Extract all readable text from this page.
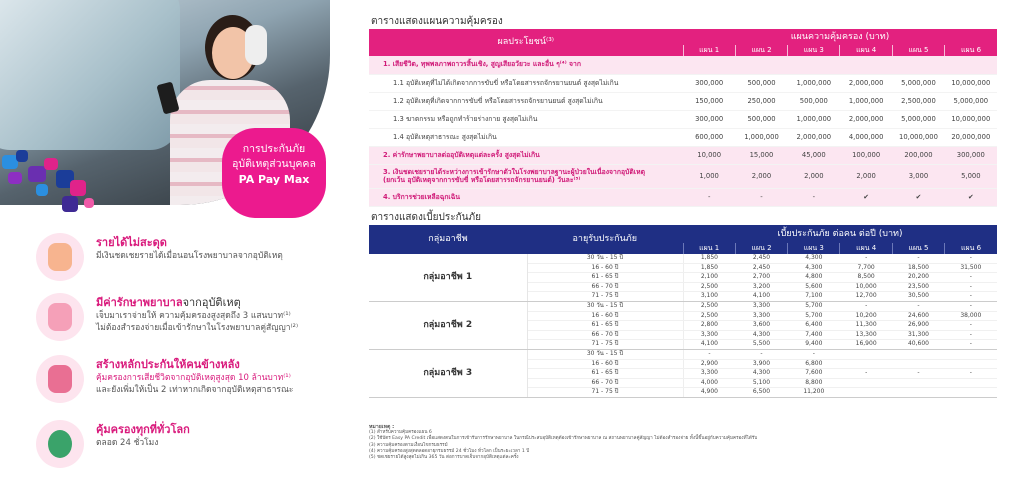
การประกันภัย
อุบัติเหตุส่วนบุคคล
PA Pay Max
รายได้ไม่สะดุด
มีเงินชดเชยรายได้เมื่อนอนโรงพยาบาลจากอุบัติเหตุ
มีค่ารักษาพยาบาลจากอุบัติเหตุ
เจ็บมาเราจ่ายให้ ความคุ้มครองสูงสุดถึง 3 แสนบาท⁽¹⁾
ไม่ต้องสำรองจ่ายเมื่อเข้ารักษาในโรงพยาบาลคู่สัญญา⁽²⁾
สร้างหลักประกันให้คนข้างหลัง
คุ้มครองการเสียชีวิตจากอุบัติเหตุสูงสุด 10 ล้านบาท⁽¹⁾
และยังเพิ่มให้เป็น 2 เท่าหากเกิดจากอุบัติเหตุสาธารณะ
คุ้มครองทุกที่ทั่วโลก
ตลอด 24 ชั่วโมง
ตารางแสดงแผนความคุ้มครอง
ผลประโยชน์⁽³⁾	แผนความคุ้มครอง (บาท)					
	แผน 1	แผน 2	แผน 3	แผน 4	แผน 5	แผน 6

1. เสียชีวิต, ทุพพลภาพถาวรสิ้นเชิง, สูญเสียอวัยวะ และอื่น ๆ⁽⁴⁾ จาก						

1.1 อุบัติเหตุที่ไม่ได้เกิดจากการขับขี่ หรือโดยสารรถจักรยานยนต์ สูงสุดไม่เกิน	300,000	500,000	1,000,000	2,000,000	5,000,000	10,000,000

1.2 อุบัติเหตุที่เกิดจากการขับขี่ หรือโดยสารรถจักรยานยนต์ สูงสุดไม่เกิน	150,000	250,000	500,000	1,000,000	2,500,000	5,000,000

1.3 ฆาตกรรม หรือถูกทำร้ายร่างกาย สูงสุดไม่เกิน	300,000	500,000	1,000,000	2,000,000	5,000,000	10,000,000

1.4 อุบัติเหตุสาธารณะ สูงสุดไม่เกิน	600,000	1,000,000	2,000,000	4,000,000	10,000,000	20,000,000

2. ค่ารักษาพยาบาลต่ออุบัติเหตุแต่ละครั้ง สูงสุดไม่เกิน	10,000	15,000	45,000	100,000	200,000	300,000

3. เงินชดเชยรายได้ระหว่างการเข้ารักษาตัวในโรงพยาบาลฐานะผู้ป่วยในเนื่องจากอุบัติเหตุ
(ยกเว้น อุบัติเหตุจากการขับขี่ หรือโดยสารรถจักรยานยนต์) วันละ⁽⁵⁾	1,000	2,000	2,000	2,000	3,000	5,000

4. บริการช่วยเหลือฉุกเฉิน	-	-	-	✔	✔	✔
ตารางแสดงเบี้ยประกันภัย
กลุ่มอาชีพ	อายุรับประกันภัย	เบี้ยประกันภัย ต่อคน ต่อปี (บาท)					
		แผน 1	แผน 2	แผน 3	แผน 4	แผน 5	แผน 6
กลุ่มอาชีพ 1	30 วัน - 15 ปี	1,850	2,450	4,300	-	-	-
	16 - 60 ปี	1,850	2,450	4,300	7,700	18,500	31,500
	61 - 65 ปี	2,100	2,700	4,800	8,500	20,200	-
	66 - 70 ปี	2,500	3,200	5,600	10,000	23,500	-
	71 - 75 ปี	3,100	4,100	7,100	12,700	30,500	-
กลุ่มอาชีพ 2	30 วัน - 15 ปี	2,500	3,300	5,700	-	-	-
	16 - 60 ปี	2,500	3,300	5,700	10,200	24,600	38,000
	61 - 65 ปี	2,800	3,600	6,400	11,300	26,900	-
	66 - 70 ปี	3,300	4,300	7,400	13,300	31,300	-
	71 - 75 ปี	4,100	5,500	9,400	16,900	40,600	-
กลุ่มอาชีพ 3	30 วัน - 15 ปี	-	-	-			
	16 - 60 ปี	2,900	3,900	6,800			
	61 - 65 ปี	3,300	4,300	7,600	-	-	-
	66 - 70 ปี	4,000	5,100	8,800			
	71 - 75 ปี	4,900	6,500	11,200			
หมายเหตุ :
(1) สำหรับความคุ้มครองแผน 6
(2) ใช้บัตร Easy PA Credit เพื่อแสดงตนในการเข้ารับการรักษาพยาบาล ในกรณีประสบอุบัติเหตุต้องเข้ารักษาพยาบาล ณ สถานพยาบาลคู่สัญญา ไม่ต้องสำรองจ่าย ทั้งนี้ขึ้นอยู่กับความคุ้มครองที่ได้รับ
(3) ความคุ้มครองตามเงื่อนไขกรมธรรม์
(4) ความคุ้มครองสูงสุดตลอดอายุกรมธรรม์ 24 ชั่วโมง ทั่วโลก เป็นระยะเวลา 1 ปี
(5) ชดเชยรายได้สูงสุดไม่เกิน 365 วัน ต่อการบาดเจ็บจากอุบัติเหตุแต่ละครั้ง
